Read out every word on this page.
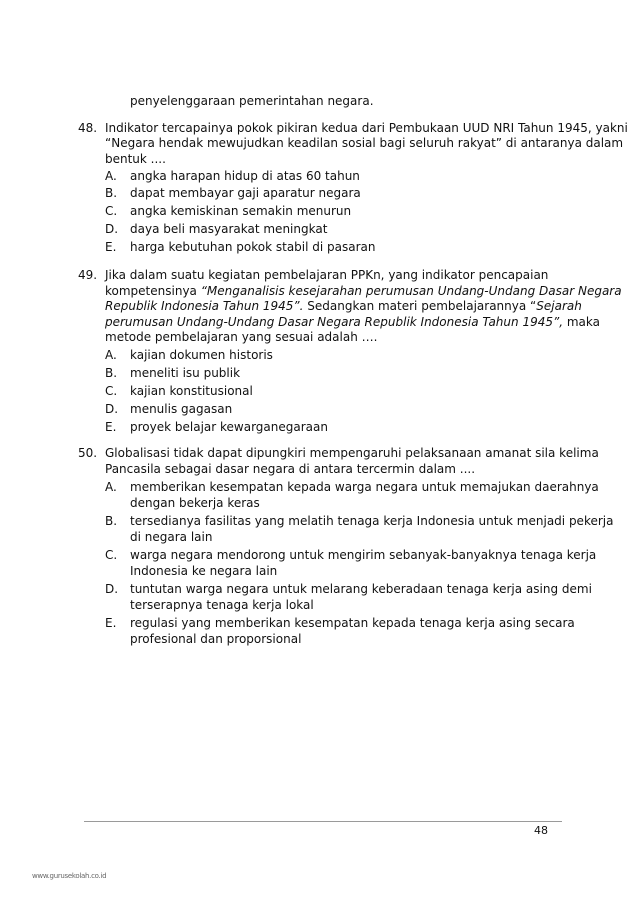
penyelenggaraan pemerintahan negara.
48. Indikator tercapainya pokok pikiran kedua dari Pembukaan UUD NRI Tahun 1945, yakni
“Negara hendak mewujudkan keadilan sosial bagi seluruh rakyat” di antaranya dalam
bentuk ....
A. angka harapan hidup di atas 60 tahun
B. dapat membayar gaji aparatur negara
C. angka kemiskinan semakin menurun
D. daya beli masyarakat meningkat
E. harga kebutuhan pokok stabil di pasaran
49. Jika dalam suatu kegiatan pembelajaran PPKn, yang indikator pencapaian
kompetensinya “Menganalisis kesejarahan perumusan Undang-Undang Dasar Negara
Republik Indonesia Tahun 1945”. Sedangkan materi pembelajarannya “Sejarah
perumusan Undang-Undang Dasar Negara Republik Indonesia Tahun 1945”, maka
metode pembelajaran yang sesuai adalah ….
A. kajian dokumen historis
B. meneliti isu publik
C. kajian konstitusional
D. menulis gagasan
E. proyek belajar kewarganegaraan
50. Globalisasi tidak dapat dipungkiri mempengaruhi pelaksanaan amanat sila kelima
Pancasila sebagai dasar negara di antara tercermin dalam ....
A. memberikan kesempatan kepada warga negara untuk memajukan daerahnya
dengan bekerja keras
B. tersedianya fasilitas yang melatih tenaga kerja Indonesia untuk menjadi pekerja
di negara lain
C. warga negara mendorong untuk mengirim sebanyak-banyaknya tenaga kerja
Indonesia ke negara lain
D. tuntutan warga negara untuk melarang keberadaan tenaga kerja asing demi
terserapnya tenaga kerja lokal
E. regulasi yang memberikan kesempatan kepada tenaga kerja asing secara
profesional dan proporsional
48
www.gurusekolah.co.id
